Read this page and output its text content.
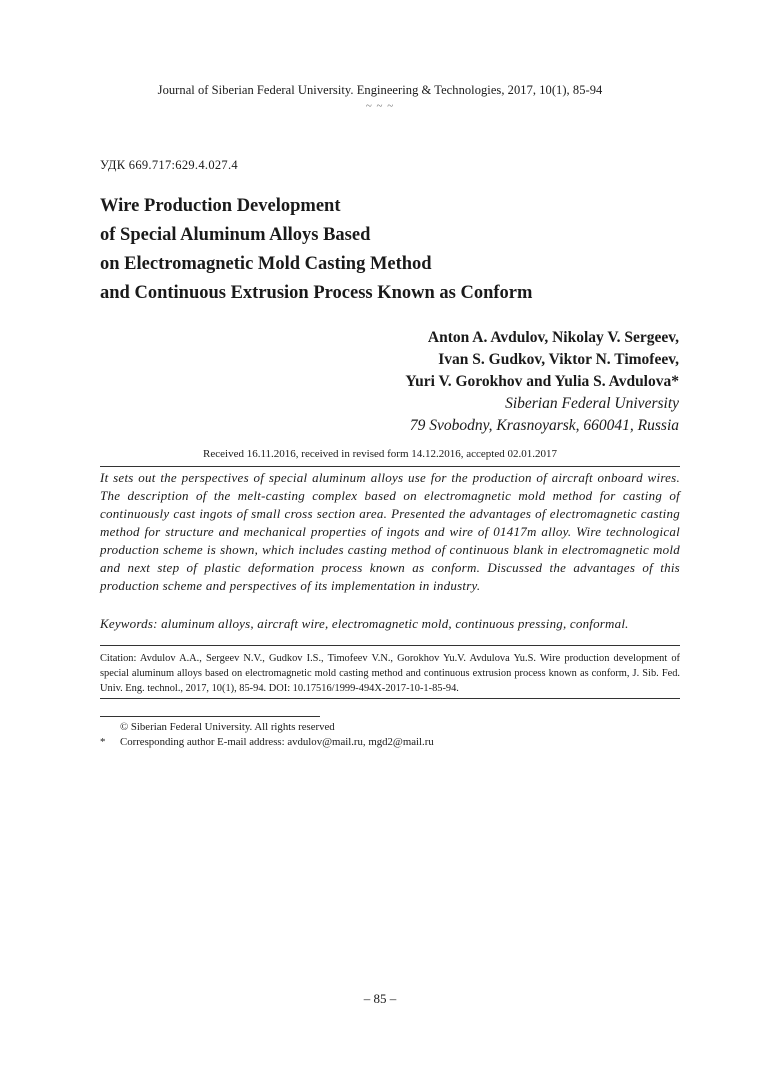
Journal of Siberian Federal University. Engineering & Technologies, 2017, 10(1), 85-94
~ ~ ~
УДК 669.717:629.4.027.4
Wire Production Development
of Special Aluminum Alloys Based
on Electromagnetic Mold Casting Method
and Continuous Extrusion Process Known as Conform
Anton A. Avdulov, Nikolay V. Sergeev,
Ivan S. Gudkov, Viktor N. Timofeev,
Yuri V. Gorokhov and Yulia S. Avdulova*
Siberian Federal University
79 Svobodny, Krasnoyarsk, 660041, Russia
Received 16.11.2016, received in revised form 14.12.2016, accepted 02.01.2017
It sets out the perspectives of special aluminum alloys use for the production of aircraft onboard wires. The description of the melt-casting complex based on electromagnetic mold method for casting of continuously cast ingots of small cross section area. Presented the advantages of electromagnetic casting method for structure and mechanical properties of ingots and wire of 01417m alloy. Wire technological production scheme is shown, which includes casting method of continuous blank in electromagnetic mold and next step of plastic deformation process known as conform. Discussed the advantages of this production scheme and perspectives of its implementation in industry.
Keywords: aluminum alloys, aircraft wire, electromagnetic mold, continuous pressing, conformal.
Citation: Avdulov A.A., Sergeev N.V., Gudkov I.S., Timofeev V.N., Gorokhov Yu.V. Avdulova Yu.S. Wire production development of special aluminum alloys based on electromagnetic mold casting method and continuous extrusion process known as conform, J. Sib. Fed. Univ. Eng. technol., 2017, 10(1), 85-94. DOI: 10.17516/1999-494X-2017-10-1-85-94.
© Siberian Federal University. All rights reserved
* Corresponding author E-mail address: avdulov@mail.ru, mgd2@mail.ru
– 85 –
